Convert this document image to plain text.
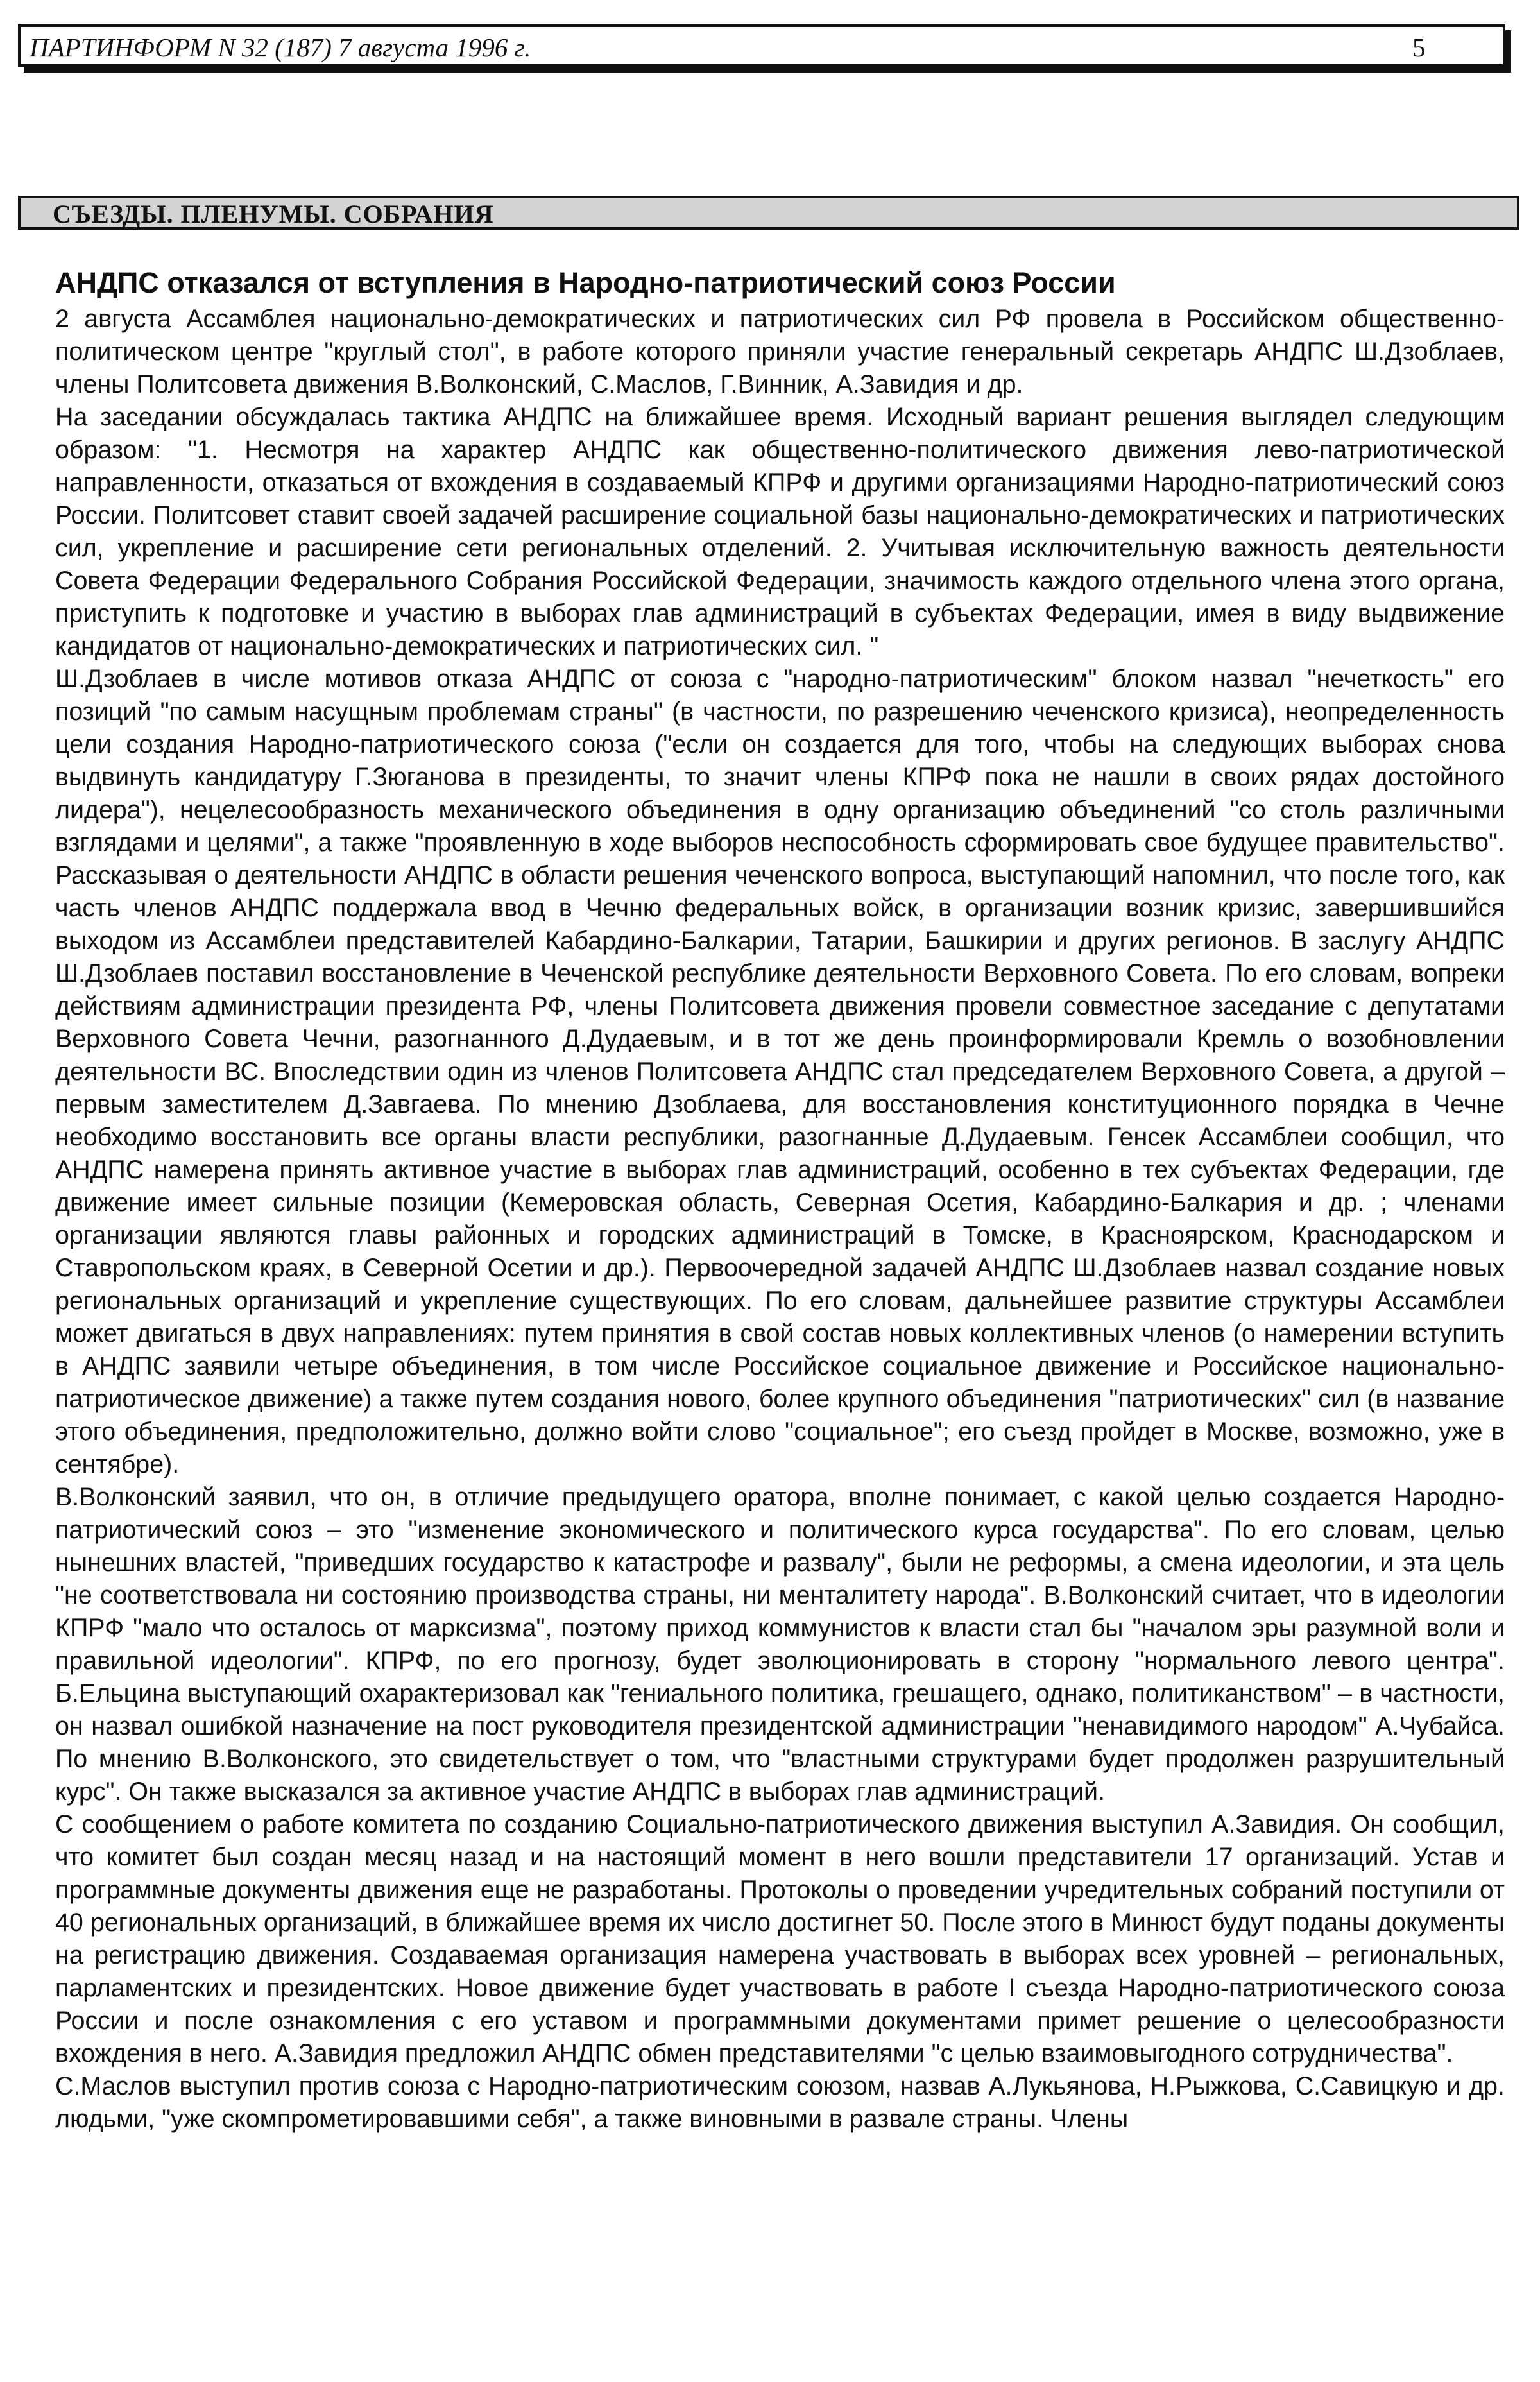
ПАРТИНФОРМ N 32 (187) 7 августа 1996 г.	5
СЪЕЗДЫ. ПЛЕНУМЫ. СОБРАНИЯ
АНДПС отказался от вступления в Народно-патриотический союз России

2 августа Ассамблея национально-демократических и патриотических сил РФ провела в Российском общественно-политическом центре "круглый стол", в работе которого приняли участие генеральный секретарь АНДПС Ш.Дзоблаев, члены Политсовета движения В.Волконский, С.Маслов, Г.Винник, А.Завидия и др.

На заседании обсуждалась тактика АНДПС на ближайшее время. Исходный вариант решения выглядел следующим образом: "1. Несмотря на характер АНДПС как общественно-политического движения лево-патриотической направленности, отказаться от вхождения в создаваемый КПРФ и другими организациями Народно-патриотический союз России. Политсовет ставит своей задачей расширение социальной базы национально-демократических и патриотических сил, укрепление и расширение сети региональных отделений. 2. Учитывая исключительную важность деятельности Совета Федерации Федерального Собрания Российской Федерации, значимость каждого отдельного члена этого органа, приступить к подготовке и участию в выборах глав администраций в субъектах Федерации, имея в виду выдвижение кандидатов от национально-демократических и патриотических сил. "

Ш.Дзоблаев в числе мотивов отказа АНДПС от союза с "народно-патриотическим" блоком назвал "нечеткость" его позиций "по самым насущным проблемам страны" (в частности, по разрешению чеченского кризиса), неопределенность цели создания Народно-патриотического союза ("если он создается для того, чтобы на следующих выборах снова выдвинуть кандидатуру Г.Зюганова в президенты, то значит члены КПРФ пока не нашли в своих рядах достойного лидера"), нецелесообразность механического объединения в одну организацию объединений "со столь различными взглядами и целями", а также "проявленную в ходе выборов неспособность сформировать свое будущее правительство". Рассказывая о деятельности АНДПС в области решения чеченского вопроса, выступающий напомнил, что после того, как часть членов АНДПС поддержала ввод в Чечню федеральных войск, в организации возник кризис, завершившийся выходом из Ассамблеи представителей Кабардино-Балкарии, Татарии, Башкирии и других регионов. В заслугу АНДПС Ш.Дзоблаев поставил восстановление в Чеченской республике деятельности Верховного Совета. По его словам, вопреки действиям администрации президента РФ, члены Политсовета движения провели совместное заседание с депутатами Верховного Совета Чечни, разогнанного Д.Дудаевым, и в тот же день проинформировали Кремль о возобновлении деятельности ВС. Впоследствии один из членов Политсовета АНДПС стал председателем Верховного Совета, а другой – первым заместителем Д.Завгаева. По мнению Дзоблаева, для восстановления конституционного порядка в Чечне необходимо восстановить все органы власти республики, разогнанные Д.Дудаевым. Генсек Ассамблеи сообщил, что АНДПС намерена принять активное участие в выборах глав администраций, особенно в тех субъектах Федерации, где движение имеет сильные позиции (Кемеровская область, Северная Осетия, Кабардино-Балкария и др. ; членами организации являются главы районных и городских администраций в Томске, в Красноярском, Краснодарском и Ставропольском краях, в Северной Осетии и др.). Первоочередной задачей АНДПС Ш.Дзоблаев назвал создание новых региональных организаций и укрепление существующих. По его словам, дальнейшее развитие структуры Ассамблеи может двигаться в двух направлениях: путем принятия в свой состав новых коллективных членов (о намерении вступить в АНДПС заявили четыре объединения, в том числе Российское социальное движение и Российское национально-патриотическое движение) а также путем создания нового, более крупного объединения "патриотических" сил (в название этого объединения, предположительно, должно войти слово "социальное"; его съезд пройдет в Москве, возможно, уже в сентябре).

В.Волконский заявил, что он, в отличие предыдущего оратора, вполне понимает, с какой целью создается Народно-патриотический союз – это "изменение экономического и политического курса государства". По его словам, целью нынешних властей, "приведших государство к катастрофе и развалу", были не реформы, а смена идеологии, и эта цель "не соответствовала ни состоянию производства страны, ни менталитету народа". В.Волконский считает, что в идеологии КПРФ "мало что осталось от марксизма", поэтому приход коммунистов к власти стал бы "началом эры разумной воли и правильной идеологии". КПРФ, по его прогнозу, будет эволюционировать в сторону "нормального левого центра". Б.Ельцина выступающий охарактеризовал как "гениального политика, грешащего, однако, политиканством" – в частности, он назвал ошибкой назначение на пост руководителя президентской администрации "ненавидимого народом" А.Чубайса. По мнению В.Волконского, это свидетельствует о том, что "властными структурами будет продолжен разрушительный курс". Он также высказался за активное участие АНДПС в выборах глав администраций.

С сообщением о работе комитета по созданию Социально-патриотического движения выступил А.Завидия. Он сообщил, что комитет был создан месяц назад и на настоящий момент в него вошли представители 17 организаций. Устав и программные документы движения еще не разработаны. Протоколы о проведении учредительных собраний поступили от 40 региональных организаций, в ближайшее время их число достигнет 50. После этого в Минюст будут поданы документы на регистрацию движения. Создаваемая организация намерена участвовать в выборах всех уровней – региональных, парламентских и президентских. Новое движение будет участвовать в работе I съезда Народно-патриотического союза России и после ознакомления с его уставом и программными документами примет решение о целесообразности вхождения в него. А.Завидия предложил АНДПС обмен представителями "с целью взаимовыгодного сотрудничества".

С.Маслов выступил против союза с Народно-патриотическим союзом, назвав А.Лукьянова, Н.Рыжкова, С.Савицкую и др. людьми, "уже скомпрометировавшими себя", а также виновными в развале страны. Члены
